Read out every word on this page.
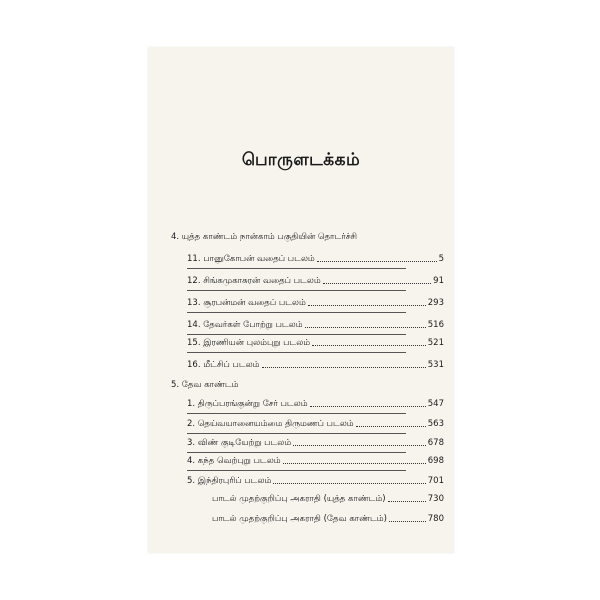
பொருளடக்கம்
4. யுத்த காண்டம் நான்காம் பகுதியின் தொடர்ச்சி
11. பானுகோபன் வதைப் படலம்	5
12. சிங்கமுகாசுரன் வதைப் படலம்	91
13. சூரபன்மன் வதைப் படலம்	293
14. தேவர்கள் போற்று படலம்	516
15. இரணியன் புலம்புறு படலம்	521
16. மீட்சிப் படலம்	531
5. தேவ காண்டம்
1. திருப்பரங்குன்று சேர் படலம்	547
2. தெய்வயானையம்மை திருமணப் படலம்	563
3. விண் குடியேற்று படலம்	678
4. கந்த வெற்புறு படலம்	698
5. இந்திரபுரிப் படலம்	701
பாடல் முதற்குறிப்பு அகராதி (யுத்த காண்டம்)	730
பாடல் முதற்குறிப்பு அகராதி (தேவ காண்டம்)	780
